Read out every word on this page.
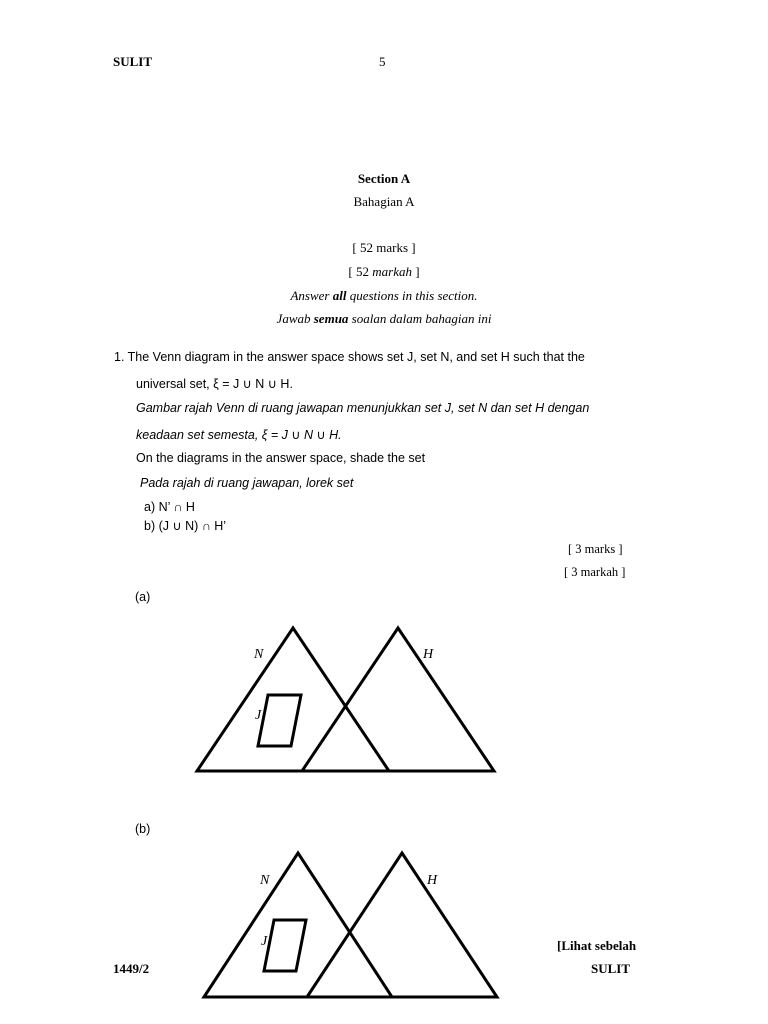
SULIT	5
Section A
Bahagian A
[ 52 marks ]
[ 52 markah ]
Answer all questions in this section.
Jawab semua soalan dalam bahagian ini
1. The Venn diagram in the answer space shows set J, set N, and set H such that the
universal set, ξ = J ∪ N ∪ H.
Gambar rajah Venn di ruang jawapan menunjukkan set J, set N dan set H dengan
keadaan set semesta, ξ = J ∪ N ∪ H.
On the diagrams in the answer space, shade the set
Pada rajah di ruang jawapan, lorek set
a) N’ ∩ H
b) (J ∪ N) ∩ H’
[ 3 marks ]
[ 3 markah ]
(a)
N	H
J
(b)
N	H
J	[Lihat sebelah
1449/2	SULIT
